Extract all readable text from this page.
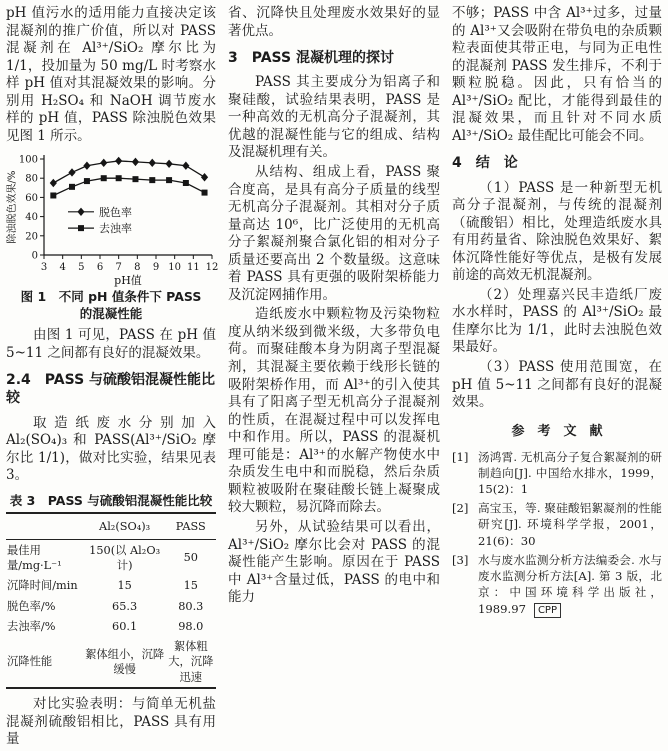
pH 值污水的适用能力直接决定该混凝剂的推广价值，所以对 PASS 混凝剂在 Al³⁺/SiO₂ 摩尔比为 1/1，投加量为 50 mg/L 时考察水样 pH 值对其混凝效果的影响。分别用 H₂SO₄ 和 NaOH 调节废水样的 pH 值，PASS 除浊脱色效果见图 1 所示。

0
20
40
60
80
100
3 4 5 6 7 8 9 10 11 12
pH值
除浊脱色效果/%	脱色率
去浊率
图 1　不同 pH 值条件下 PASS
的混凝性能

由图 1 可见，PASS 在 pH 值 5~11 之间都有良好的混凝效果。

2.4　PASS 与硫酸铝混凝性能比较

取造纸废水分别加入 Al₂(SO₄)₃ 和 PASS(Al³⁺/SiO₂ 摩尔比 1/1)，做对比实验，结果见表 3。

表 3　PASS 与硫酸铝混凝性能比较
	Al₂(SO₄)₃	PASS
最佳用量/mg·L⁻¹	150(以 Al₂O₃ 计)	50
沉降时间/min	15	15
脱色率/%	65.3	80.3
去浊率/%	60.1	98.0
沉降性能	絮体组小，沉降缓慢	絮体粗大，沉降迅速

对比实验表明：与简单无机盐混凝剂硫酸铝相比，PASS 具有用量

省、沉降快且处理废水效果好的显著优点。

3　PASS 混凝机理的探讨

PASS 其主要成分为铝离子和聚硅酸，试验结果表明，PASS 是一种高效的无机高分子混凝剂，其优越的混凝性能与它的组成、结构及混凝机理有关。

从结构、组成上看，PASS 聚合度高，是具有高分子质量的线型无机高分子混凝剂。其相对分子质量高达 10⁶，比广泛使用的无机高分子絮凝剂聚合氯化铝的相对分子质量还要高出 2 个数量级。这意味着 PASS 具有更强的吸附架桥能力及沉淀网捕作用。

造纸废水中颗粒物及污染物粒度从纳米级到微米级，大多带负电荷。而聚硅酸本身为阴离子型混凝剂，其混凝主要依赖于线形长链的吸附架桥作用，而 Al³⁺的引入使其具有了阳离子型无机高分子混凝剂的性质，在混凝过程中可以发挥电中和作用。所以，PASS 的混凝机理可能是：Al³⁺的水解产物使水中杂质发生电中和而脱稳，然后杂质颗粒被吸附在聚硅酸长链上凝聚成较大颗粒，易沉降而除去。

另外，从试验结果可以看出，Al³⁺/SiO₂ 摩尔比会对 PASS 的混凝性能产生影响。原因在于 PASS 中 Al³⁺含量过低，PASS 的电中和能力

不够；PASS 中含 Al³⁺过多，过量的 Al³⁺又会吸附在带负电的杂质颗粒表面使其带正电，与同为正电性的混凝剂 PASS 发生排斥，不利于颗粒脱稳。因此，只有恰当的 Al³⁺/SiO₂ 配比，才能得到最佳的混凝效果，而且针对不同水质 Al³⁺/SiO₂ 最佳配比可能会不同。

4　结　论

（1）PASS 是一种新型无机高分子混凝剂，与传统的混凝剂（硫酸铝）相比，处理造纸废水具有用药量省、除浊脱色效果好、絮体沉降性能好等优点，是极有发展前途的高效无机混凝剂。

（2）处理嘉兴民丰造纸厂废水水样时，PASS 的 Al³⁺/SiO₂ 最佳摩尔比为 1/1，此时去浊脱色效果最好。

（3）PASS 使用范围宽，在 pH 值 5~11 之间都有良好的混凝效果。

参　考　文　献
[1] 汤鸿霄. 无机高分子复合絮凝剂的研制趋向[J]. 中国给水排水，1999，15(2)：1
[2] 高宝玉，等. 聚硅酸铝絮凝剂的性能研究[J]. 环境科学学报，2001，21(6)：30
[3] 水与废水监测分析方法编委会. 水与废水监测分析方法[A]. 第 3 版，北京：中国环境科学出版社，1989.97 CPP
